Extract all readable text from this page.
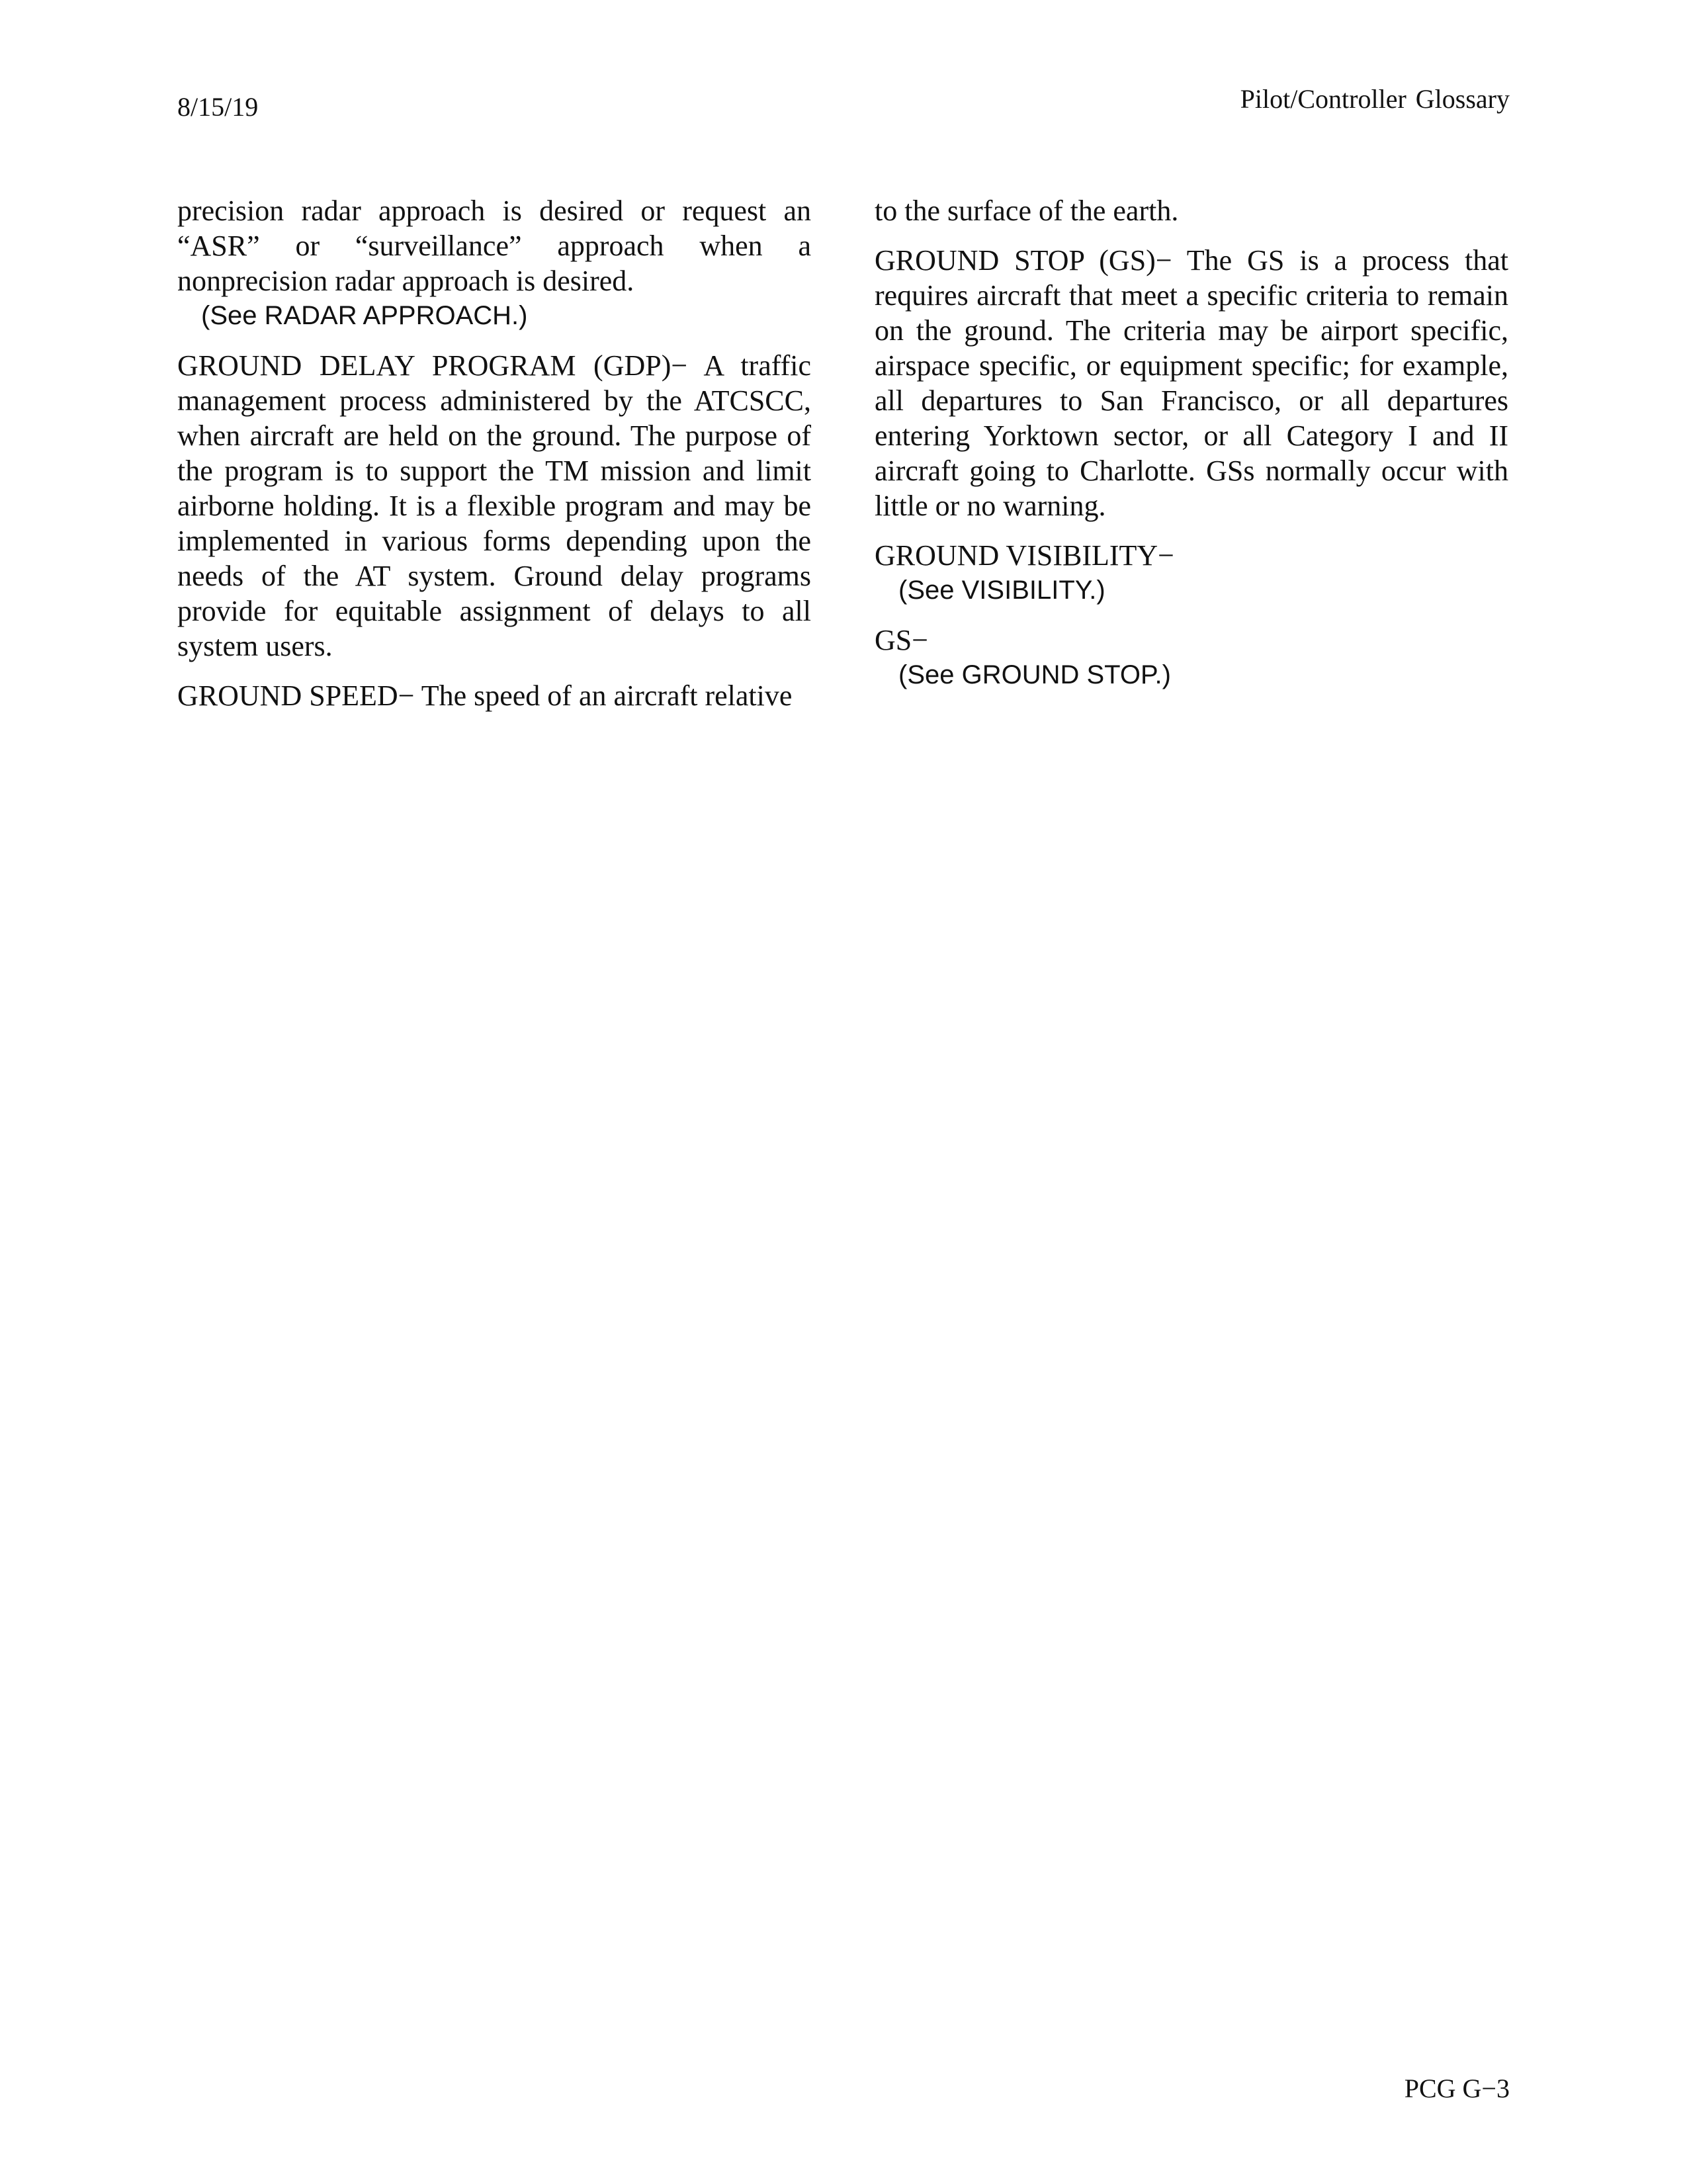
8/15/19	Pilot/Controller Glossary

precision radar approach is desired or request an “ASR” or “surveillance” approach when a nonprecision radar approach is desired.

(See RADAR APPROACH.)

GROUND DELAY PROGRAM (GDP)− A traffic management process administered by the ATCSCC, when aircraft are held on the ground. The purpose of the program is to support the TM mission and limit airborne holding. It is a flexible program and may be implemented in various forms depending upon the needs of the AT system. Ground delay programs provide for equitable assignment of delays to all system users.

GROUND SPEED− The speed of an aircraft relative

to the surface of the earth.

GROUND STOP (GS)− The GS is a process that requires aircraft that meet a specific criteria to remain on the ground. The criteria may be airport specific, airspace specific, or equipment specific; for example, all departures to San Francisco, or all departures entering Yorktown sector, or all Category I and II aircraft going to Charlotte. GSs normally occur with little or no warning.

GROUND VISIBILITY−

(See VISIBILITY.)

GS−

(See GROUND STOP.)

PCG G−3
